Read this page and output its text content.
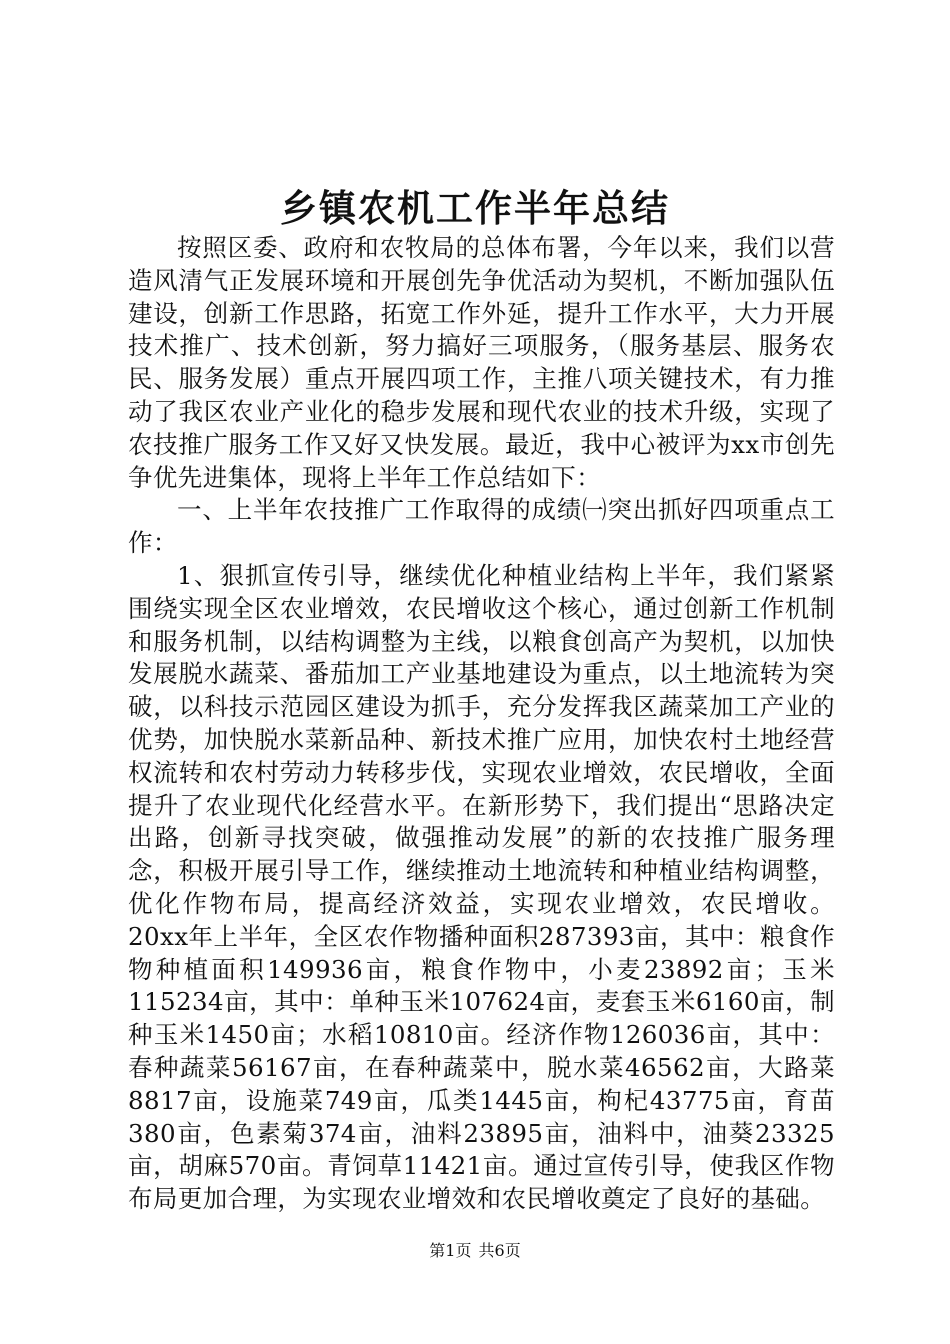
乡镇农机工作半年总结

按照区委、政府和农牧局的总体布署，今年以来，我们以营造风清气正发展环境和开展创先争优活动为契机，不断加强队伍建设，创新工作思路，拓宽工作外延，提升工作水平，大力开展技术推广、技术创新，努力搞好三项服务，（服务基层、服务农民、服务发展）重点开展四项工作，主推八项关键技术，有力推动了我区农业产业化的稳步发展和现代农业的技术升级，实现了农技推广服务工作又好又快发展。最近，我中心被评为xx市创先争优先进集体，现将上半年工作总结如下：

一、上半年农技推广工作取得的成绩㈠突出抓好四项重点工作：

1、狠抓宣传引导，继续优化种植业结构上半年，我们紧紧围绕实现全区农业增效，农民增收这个核心，通过创新工作机制和服务机制，以结构调整为主线，以粮食创高产为契机，以加快发展脱水蔬菜、番茄加工产业基地建设为重点，以土地流转为突破，以科技示范园区建设为抓手，充分发挥我区蔬菜加工产业的优势，加快脱水菜新品种、新技术推广应用，加快农村土地经营权流转和农村劳动力转移步伐，实现农业增效，农民增收，全面提升了农业现代化经营水平。在新形势下，我们提出“思路决定出路，创新寻找突破，做强推动发展”的新的农技推广服务理念，积极开展引导工作，继续推动土地流转和种植业结构调整，优化作物布局，提高经济效益，实现农业增效，农民增收。20xx年上半年，全区农作物播种面积287393亩，其中：粮食作物种植面积149936亩，粮食作物中，小麦23892亩；玉米115234亩，其中：单种玉米107624亩，麦套玉米6160亩，制种玉米1450亩；水稻10810亩。经济作物126036亩，其中：春种蔬菜56167亩，在春种蔬菜中，脱水菜46562亩，大路菜8817亩，设施菜749亩，瓜类1445亩，枸杞43775亩，育苗380亩，色素菊374亩，油料23895亩，油料中，油葵23325亩，胡麻570亩。青饲草11421亩。通过宣传引导，使我区作物布局更加合理，为实现农业增效和农民增收奠定了良好的基础。

第1页 共6页
